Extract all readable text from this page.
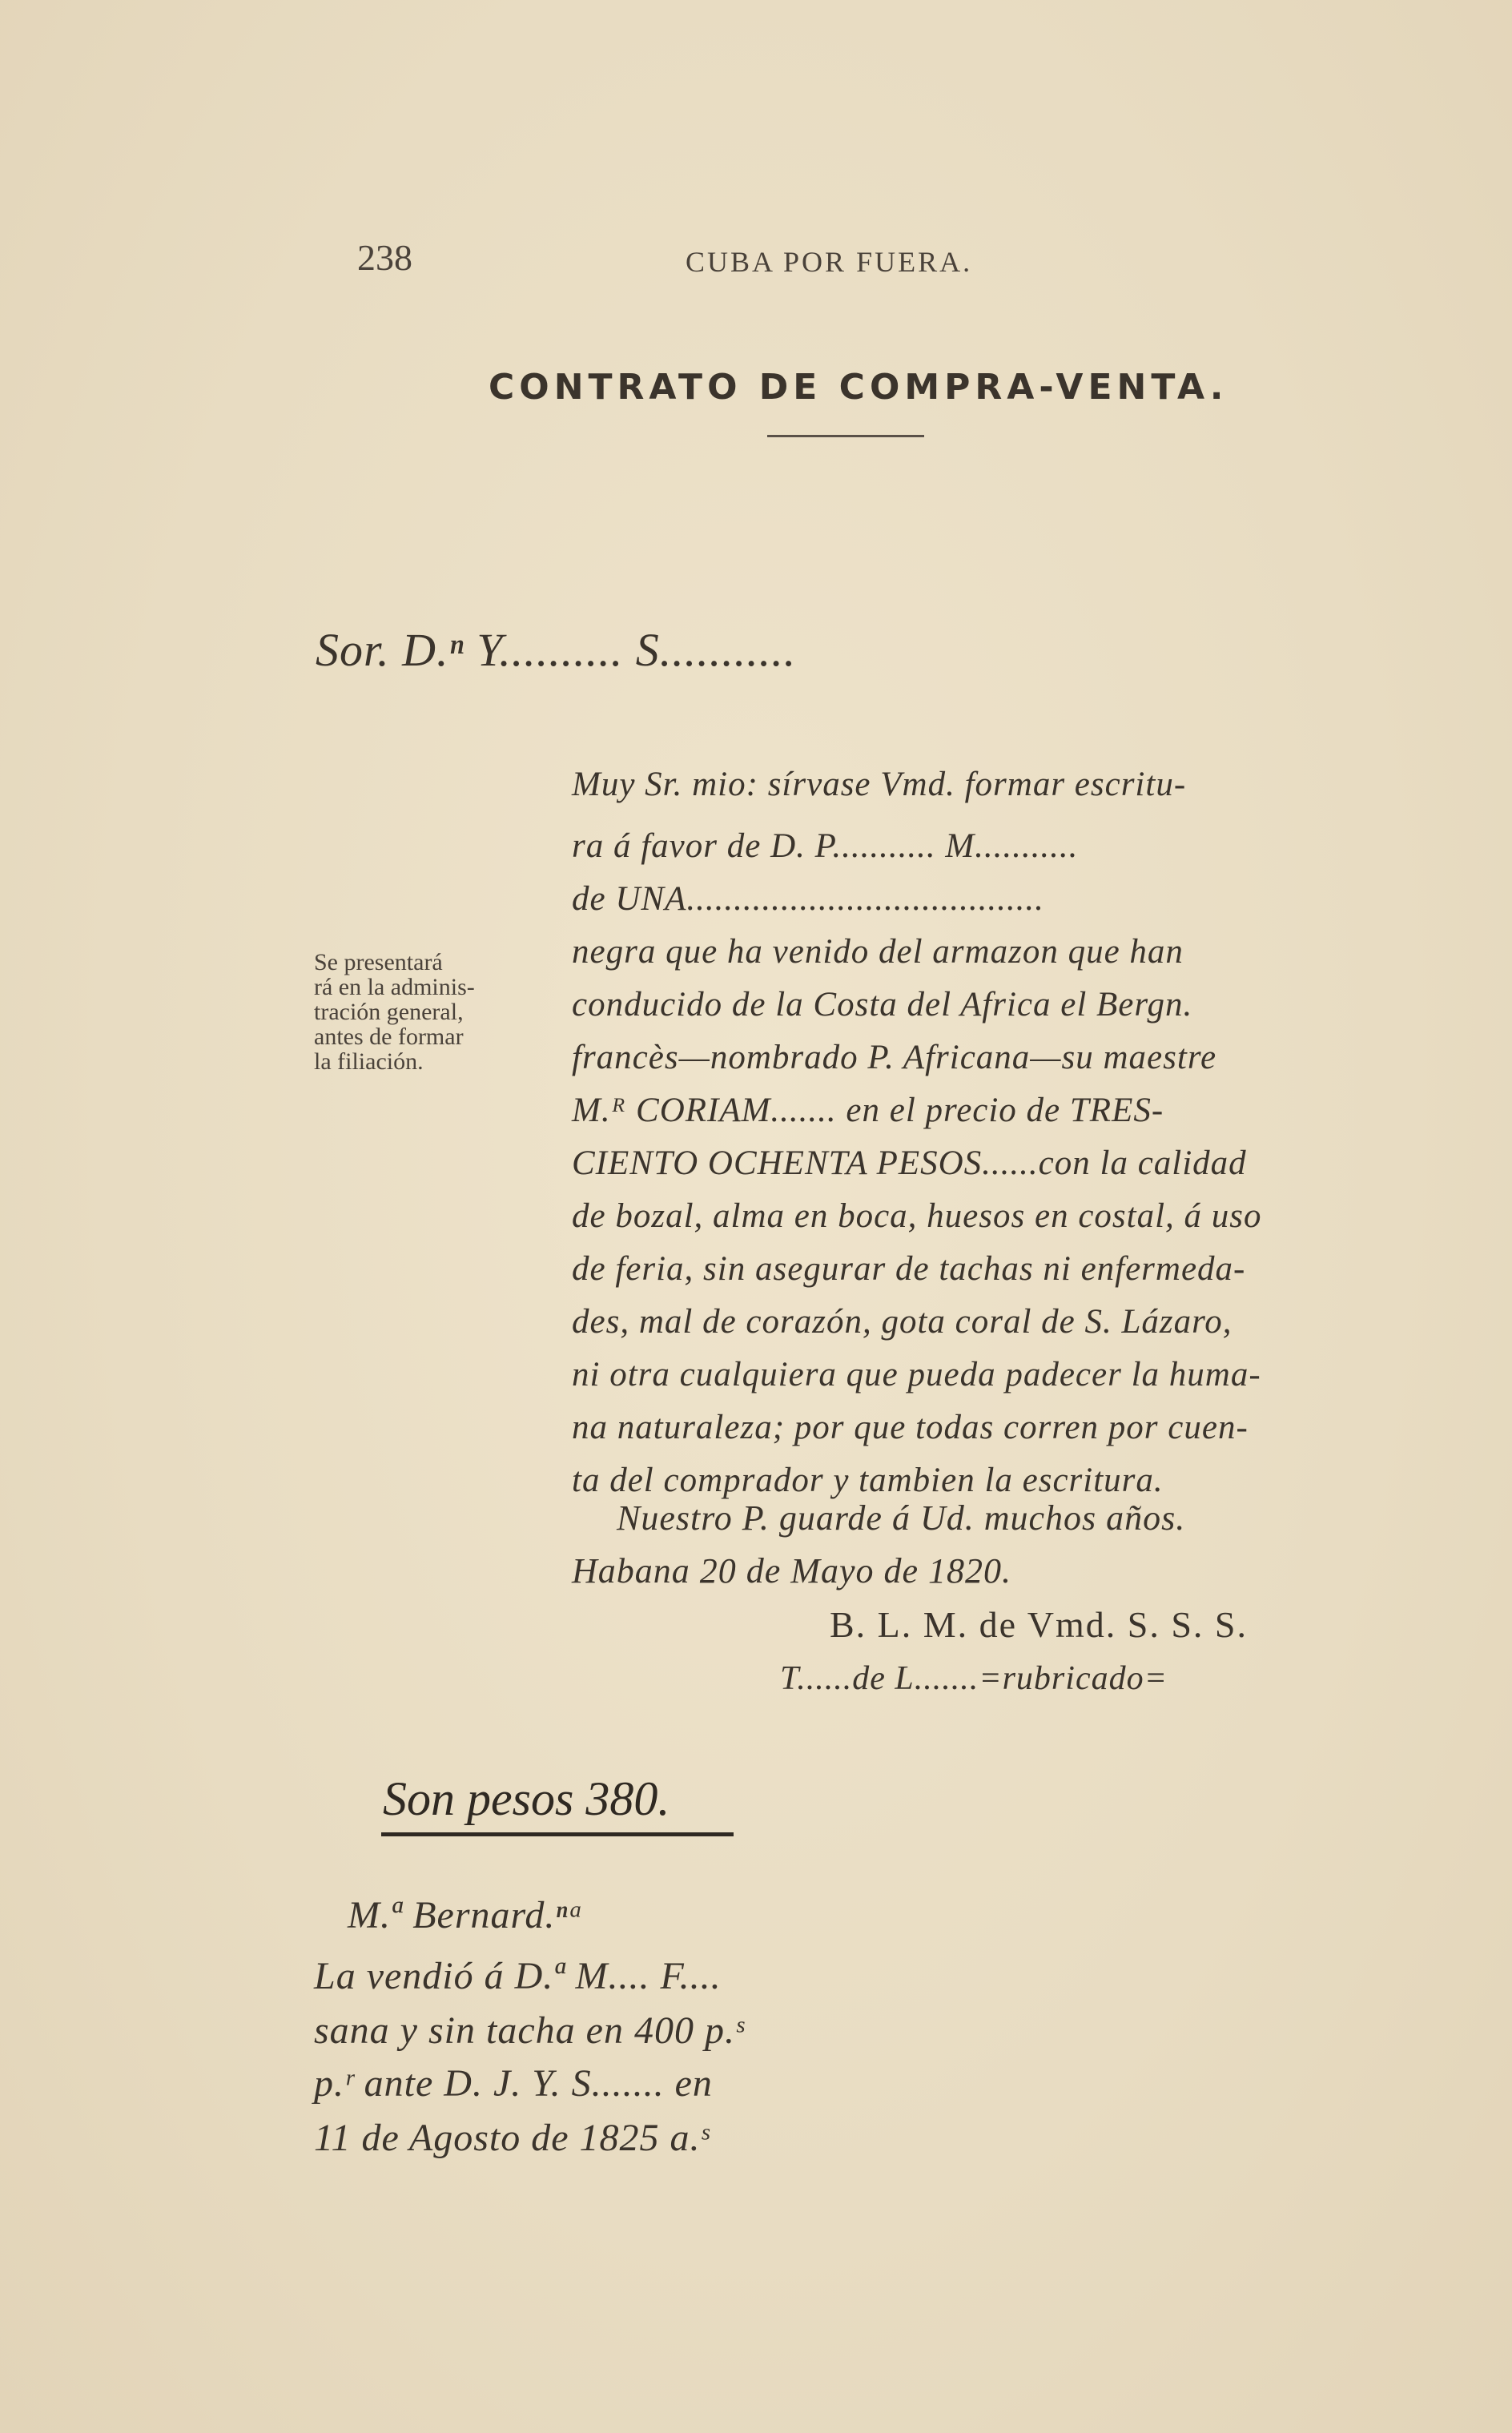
238	CUBA POR FUERA.
CONTRATO DE COMPRA-VENTA.
Sor. D.ⁿ Y.......... S...........
Se presentará
rá en la adminis-
tración general,
antes de formar
la filiación.
Muy Sr. mio: sírvase Vmd. formar escritu-
ra á favor de D. P........... M...........
de UNA......................................
negra que ha venido del armazon que han
conducido de la Costa del Africa el Bergn.
francès—nombrado P. Africana—su maestre
M.ᴿ CORIAM....... en el precio de TRES-
CIENTO OCHENTA PESOS......con la calidad
de bozal, alma en boca, huesos en costal, á uso
de feria, sin asegurar de tachas ni enfermeda-
des, mal de corazón, gota coral de S. Lázaro,
ni otra cualquiera que pueda padecer la huma-
na naturaleza; por que todas corren por cuen-
ta del comprador y tambien la escritura.
Nuestro P. guarde á Ud. muchos años.
Habana 20 de Mayo de 1820.
B. L. M. de Vmd. S. S. S.
T......de L.......=rubricado=
Son pesos 380.
M.ª Bernard.ⁿᵃ
La vendió á D.ª M.... F....
sana y sin tacha en 400 p.ˢ
p.ʳ ante D. J. Y. S....... en
11 de Agosto de 1825 a.ˢ
